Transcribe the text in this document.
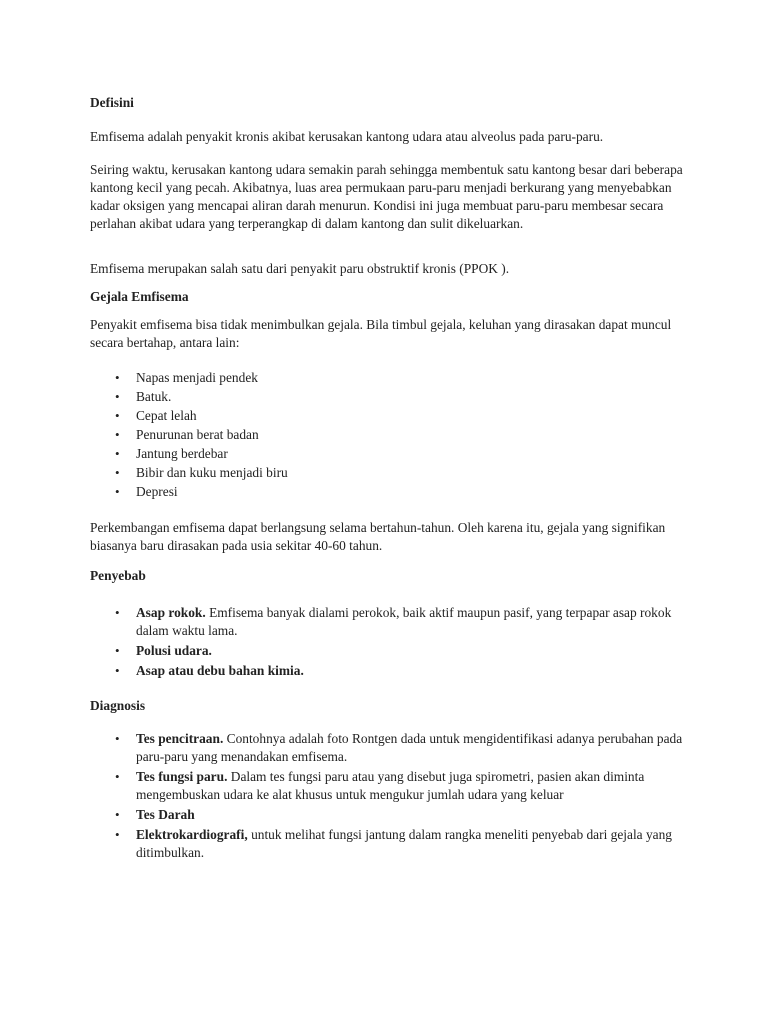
Defisini

Emfisema adalah penyakit kronis akibat kerusakan kantong udara atau alveolus pada paru-paru.

Seiring waktu, kerusakan kantong udara semakin parah sehingga membentuk satu kantong besar dari beberapa kantong kecil yang pecah. Akibatnya, luas area permukaan paru-paru menjadi berkurang yang menyebabkan kadar oksigen yang mencapai aliran darah menurun. Kondisi ini juga membuat paru-paru membesar secara perlahan akibat udara yang terperangkap di dalam kantong dan sulit dikeluarkan.

Emfisema merupakan salah satu dari penyakit paru obstruktif kronis (PPOK ).

Gejala Emfisema

Penyakit emfisema bisa tidak menimbulkan gejala. Bila timbul gejala, keluhan yang dirasakan dapat muncul secara bertahap, antara lain:

• Napas menjadi pendek
• Batuk.
• Cepat lelah
• Penurunan berat badan
• Jantung berdebar
• Bibir dan kuku menjadi biru
• Depresi

Perkembangan emfisema dapat berlangsung selama bertahun-tahun. Oleh karena itu, gejala yang signifikan biasanya baru dirasakan pada usia sekitar 40-60 tahun.

Penyebab

• Asap rokok. Emfisema banyak dialami perokok, baik aktif maupun pasif, yang terpapar asap rokok dalam waktu lama.
• Polusi udara.
• Asap atau debu bahan kimia.

Diagnosis

• Tes pencitraan. Contohnya adalah foto Rontgen dada untuk mengidentifikasi adanya perubahan pada paru-paru yang menandakan emfisema.
• Tes fungsi paru. Dalam tes fungsi paru atau yang disebut juga spirometri, pasien akan diminta mengembuskan udara ke alat khusus untuk mengukur jumlah udara yang keluar
• Tes Darah
• Elektrokardiografi, untuk melihat fungsi jantung dalam rangka meneliti penyebab dari gejala yang ditimbulkan.
